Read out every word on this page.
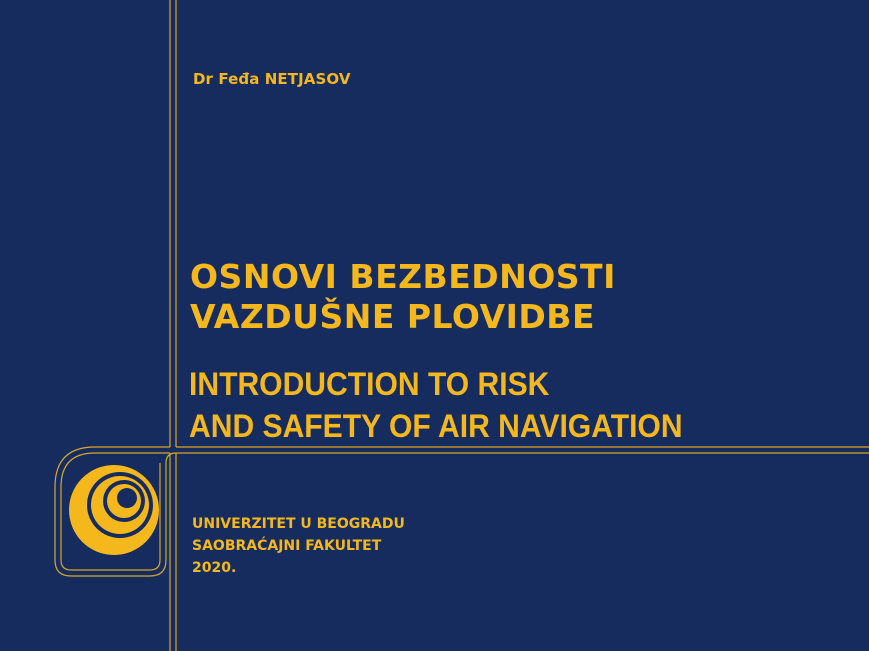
Dr Feđa NETJASOV
OSNOVI BEZBEDNOSTI
VAZDUŠNE PLOVIDBE
INTRODUCTION TO RISK
AND SAFETY OF AIR NAVIGATION
UNIVERZITET U BEOGRADU
SAOBRAĆAJNI FAKULTET
2020.
